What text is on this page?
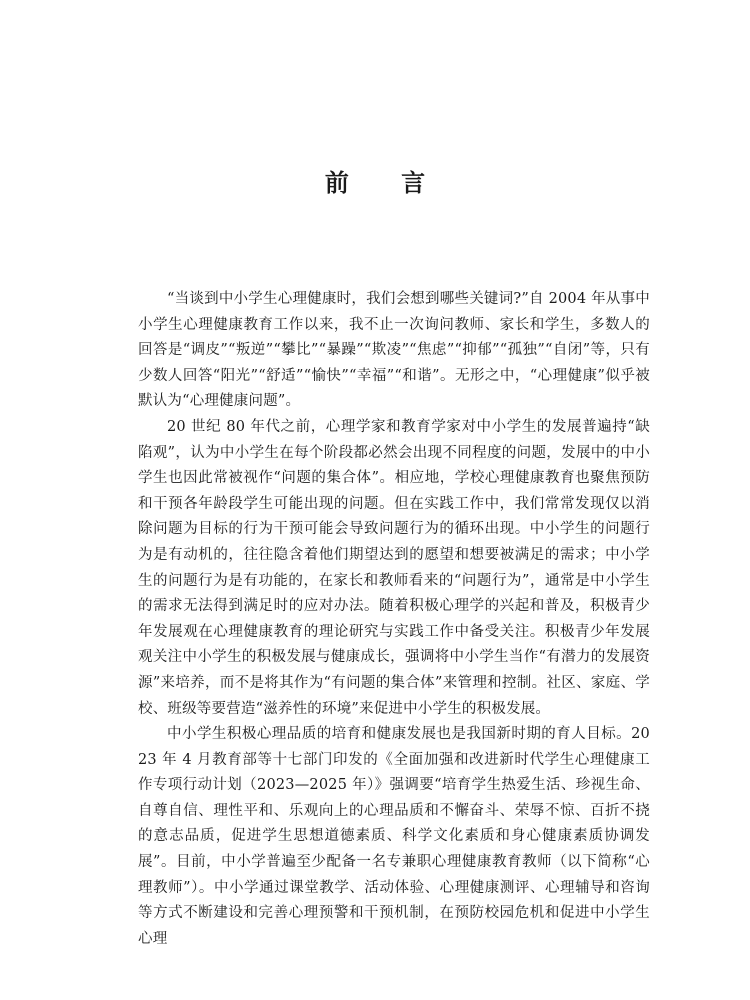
前 言

“当谈到中小学生心理健康时，我们会想到哪些关键词?”自 2004 年从事中小学生心理健康教育工作以来，我不止一次询问教师、家长和学生，多数人的回答是“调皮”“叛逆”“攀比”“暴躁”“欺凌”“焦虑”“抑郁”“孤独”“自闭”等，只有少数人回答“阳光”“舒适”“愉快”“幸福”“和谐”。无形之中，“心理健康”似乎被默认为“心理健康问题”。

20 世纪 80 年代之前，心理学家和教育学家对中小学生的发展普遍持“缺陷观”，认为中小学生在每个阶段都必然会出现不同程度的问题，发展中的中小学生也因此常被视作“问题的集合体”。相应地，学校心理健康教育也聚焦预防和干预各年龄段学生可能出现的问题。但在实践工作中，我们常常发现仅以消除问题为目标的行为干预可能会导致问题行为的循环出现。中小学生的问题行为是有动机的，往往隐含着他们期望达到的愿望和想要被满足的需求；中小学生的问题行为是有功能的，在家长和教师看来的“问题行为”，通常是中小学生的需求无法得到满足时的应对办法。随着积极心理学的兴起和普及，积极青少年发展观在心理健康教育的理论研究与实践工作中备受关注。积极青少年发展观关注中小学生的积极发展与健康成长，强调将中小学生当作“有潜力的发展资源”来培养，而不是将其作为“有问题的集合体”来管理和控制。社区、家庭、学校、班级等要营造“滋养性的环境”来促进中小学生的积极发展。

中小学生积极心理品质的培育和健康发展也是我国新时期的育人目标。2023 年 4 月教育部等十七部门印发的《全面加强和改进新时代学生心理健康工作专项行动计划（2023—2025 年）》强调要“培育学生热爱生活、珍视生命、自尊自信、理性平和、乐观向上的心理品质和不懈奋斗、荣辱不惊、百折不挠的意志品质，促进学生思想道德素质、科学文化素质和身心健康素质协调发展”。目前，中小学普遍至少配备一名专兼职心理健康教育教师（以下简称“心理教师”）。中小学通过课堂教学、活动体验、心理健康测评、心理辅导和咨询等方式不断建设和完善心理预警和干预机制，在预防校园危机和促进中小学生心理
